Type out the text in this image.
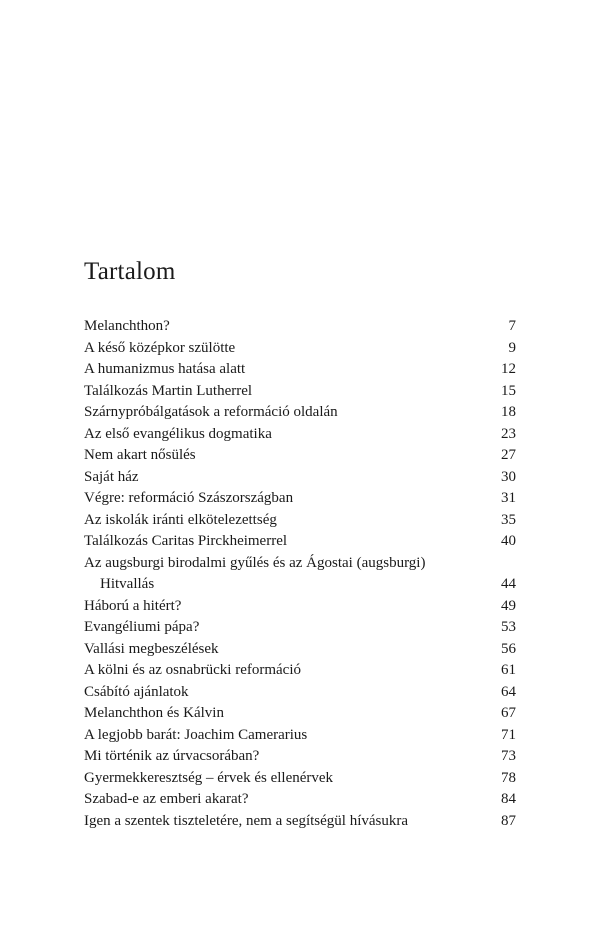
Tartalom
Melanchthon?	7
A késő középkor szülötte	9
A humanizmus hatása alatt	12
Találkozás Martin Lutherrel	15
Szárnypróbálgatások a reformáció oldalán	18
Az első evangélikus dogmatika	23
Nem akart nősülés	27
Saját ház	30
Végre: reformáció Szászországban	31
Az iskolák iránti elkötelezettség	35
Találkozás Caritas Pirckheimerrel	40
Az augsburgi birodalmi gyűlés és az Ágostai (augsburgi)
Hitvallás	44
Háború a hitért?	49
Evangéliumi pápa?	53
Vallási megbeszélések	56
A kölni és az osnabrücki reformáció	61
Csábító ajánlatok	64
Melanchthon és Kálvin	67
A legjobb barát: Joachim Camerarius	71
Mi történik az úrvacsorában?	73
Gyermekkeresztség – érvek és ellenérvek	78
Szabad-e az emberi akarat?	84
Igen a szentek tiszteletére, nem a segítségül hívásukra	87
